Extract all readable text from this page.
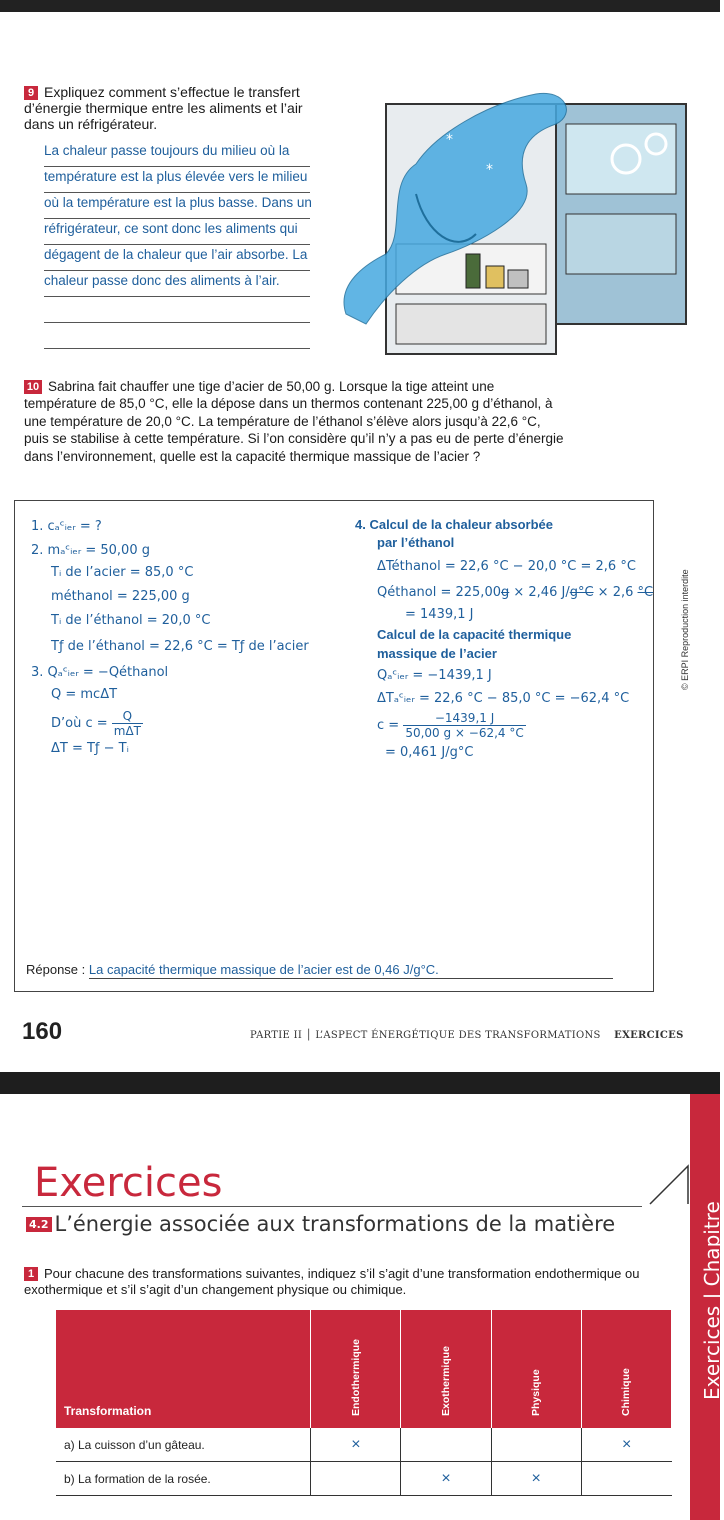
9 Expliquez comment s’effectue le transfert d’énergie thermique entre les aliments et l’air dans un réfrigérateur.
La chaleur passe toujours du milieu où la
température est la plus élevée vers le milieu
où la température est la plus basse. Dans un
réfrigérateur, ce sont donc les aliments qui
dégagent de la chaleur que l’air absorbe. La
chaleur passe donc des aliments à l’air.
*
*
10 Sabrina fait chauffer une tige d’acier de 50,00 g. Lorsque la tige atteint une température de 85,0 °C, elle la dépose dans un thermos contenant 225,00 g d’éthanol, à une température de 20,0 °C. La température de l’éthanol s’élève alors jusqu’à 22,6 °C, puis se stabilise à cette température. Si l’on considère qu’il n’y a pas eu de perte d’énergie dans l’environnement, quelle est la capacité thermique massique de l’acier ?
1. cₐᶜᵢₑᵣ = ?
2. mₐᶜᵢₑᵣ = 50,00 g
Tᵢ de l’acier = 85,0 °C
méthanol = 225,00 g
Tᵢ de l’éthanol = 20,0 °C
Tƒ de l’éthanol = 22,6 °C = Tƒ de l’acier
3. Qₐᶜᵢₑᵣ = −Qéthanol
Q = mcΔT
D’où $c = \frac{Q}{\text{mΔT}}$
ΔT = Tƒ − Tᵢ
4. Calcul de la chaleur absorbée
par l’éthanol
ΔTéthanol = 22,6 °C − 20,0 °C = 2,6 °C
Qéthanol = 225,00g × 2,46 J/g°C × 2,6 °C
= 1439,1 J
Calcul de la capacité thermique
massique de l’acier
Qₐᶜᵢₑᵣ = −1439,1 J
ΔTₐᶜᵢₑᵣ = 22,6 °C − 85,0 °C = −62,4 °C
$c = \frac{-1439,1 J}{50,00 g \times -62,4 ^\circ C}$
= 0,461 J/g°C
Réponse : La capacité thermique massique de l’acier est de 0,46 J/g°C.
© ERPI Reproduction interdite
160	PARTIE II │ L’ASPECT ÉNERGÉTIQUE DES TRANSFORMATIONS EXERCICES
Exercices
4.2 L’énergie associée aux transformations de la matière	Exercices | Chapitre
1 Pour chacune des transformations suivantes, indiquez s’il s’agit d’une transformation endothermique ou exothermique et s’il s’agit d’un changement physique ou chimique.
Transformation	Endothermique	Exothermique	Physique	Chimique

a) La cuisson d’un gâteau.	×			×
b) La formation de la rosée.		×	×	
